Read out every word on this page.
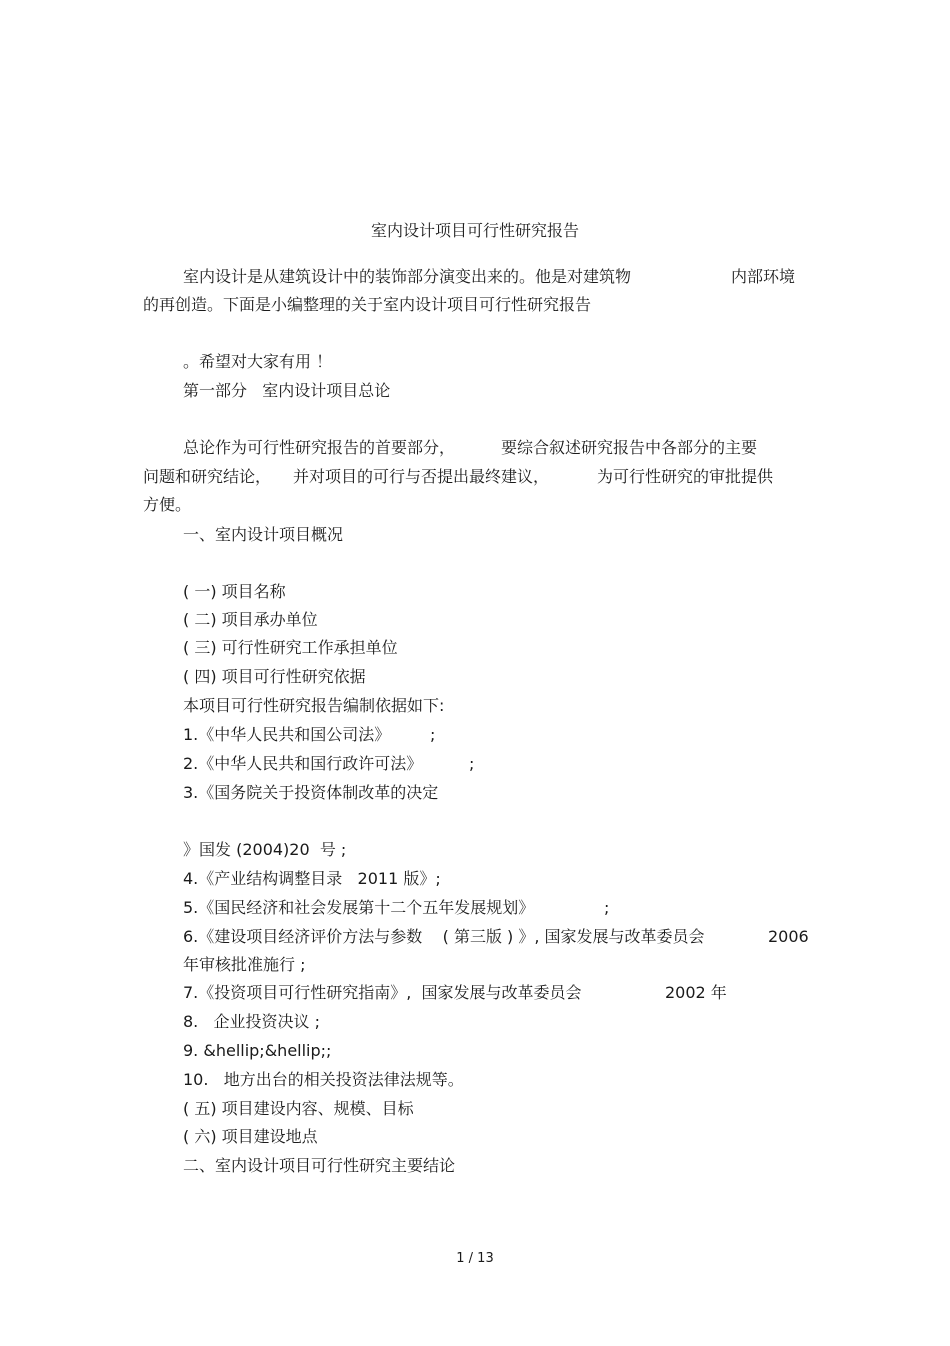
室内设计项目可行性研究报告
室内设计是从建筑设计中的装饰部分演变出来的。他是对建筑物	内部环境
的再创造。下面是小编整理的关于室内设计项目可行性研究报告
。希望对大家有用 ！
第一部分   室内设计项目总论
总论作为可行性研究报告的首要部分，	要综合叙述研究报告中各部分的主要
问题和研究结论， 并对项目的可行与否提出最终建议，	为可行性研究的审批提供
方便。
一、室内设计项目概况
( 一) 项目名称
( 二) 项目承办单位
( 三) 可行性研究工作承担单位
( 四) 项目可行性研究依据
本项目可行性研究报告编制依据如下:
1.《中华人民共和国公司法》 ;
2.《中华人民共和国行政许可法》	;
3.《国务院关于投资体制改革的决定
》国发 (2004)20  号 ;
4.《产业结构调整目录   2011 版》;
5.《国民经济和社会发展第十二个五年发展规划》	;
6.《建设项目经济评价方法与参数    ( 第三版 ) 》, 国家发展与改革委员会	2006
年审核批准施行 ;
7.《投资项目可行性研究指南》,  国家发展与改革委员会	2002 年
8.   企业投资决议 ;
9. &hellip;&hellip;;
10.   地方出台的相关投资法律法规等。
( 五) 项目建设内容、规模、目标
( 六) 项目建设地点
二、室内设计项目可行性研究主要结论
1 / 13
